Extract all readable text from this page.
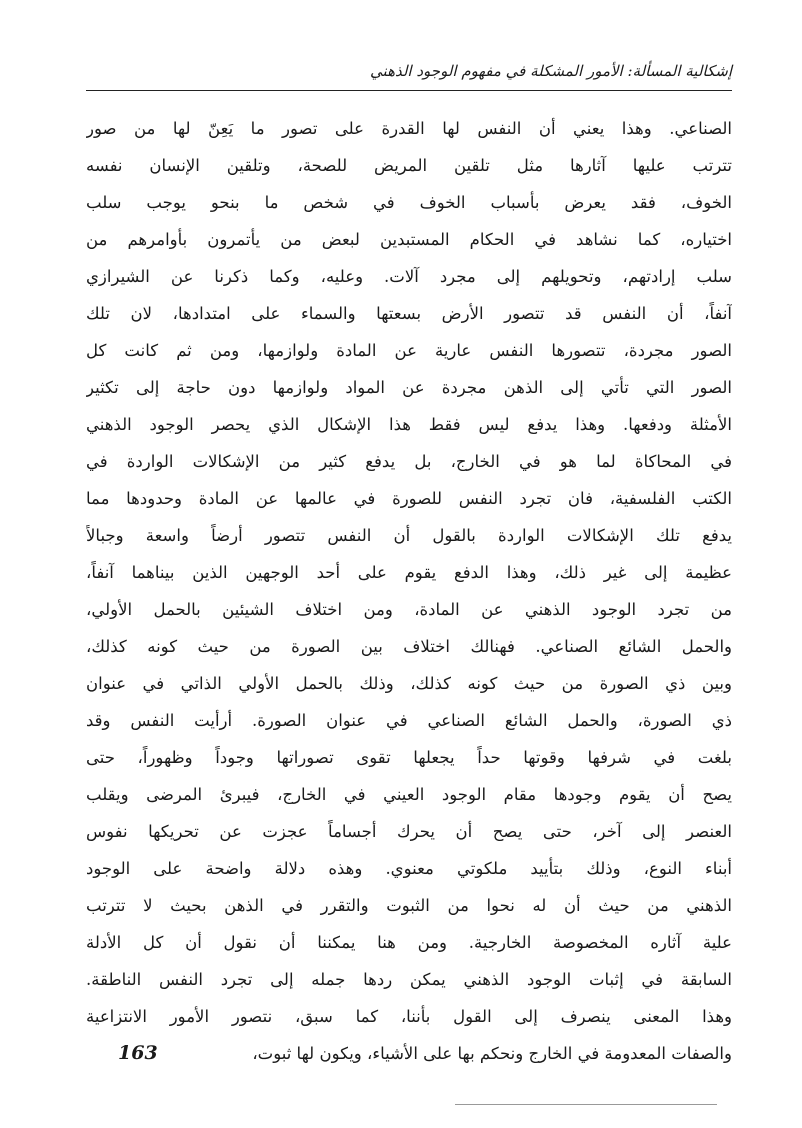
إشكالية المسألة: الأمور المشكلة في مفهوم الوجود الذهني
الصناعي. وهذا يعني أن النفس لها القدرة على تصور ما يَعِنّ لها من صور
تترتب عليها آثارها مثل تلقين المريض للصحة، وتلقين الإنسان نفسه
الخوف، فقد يعرض بأسباب الخوف في شخص ما بنحو يوجب سلب
اختياره، كما نشاهد في الحكام المستبدين لبعض من يأتمرون بأوامرهم من
سلب إرادتهم، وتحويلهم إلى مجرد آلات. وعليه، وكما ذكرنا عن الشيرازي
آنفاً، أن النفس قد تتصور الأرض بسعتها والسماء على امتدادها، لان تلك
الصور مجردة، تتصورها النفس عارية عن المادة ولوازمها، ومن ثم كانت كل
الصور التي تأتي إلى الذهن مجردة عن المواد ولوازمها دون حاجة إلى تكثير
الأمثلة ودفعها. وهذا يدفع ليس فقط هذا الإشكال الذي يحصر الوجود الذهني
في المحاكاة لما هو في الخارج، بل يدفع كثير من الإشكالات الواردة في
الكتب الفلسفية، فان تجرد النفس للصورة في عالمها عن المادة وحدودها مما
يدفع تلك الإشكالات الواردة بالقول أن النفس تتصور أرضاً واسعة وجبالاً
عظيمة إلى غير ذلك، وهذا الدفع يقوم على أحد الوجهين الذين بيناهما آنفاً،
من تجرد الوجود الذهني عن المادة، ومن اختلاف الشيئين بالحمل الأولي،
والحمل الشائع الصناعي. فهنالك اختلاف بين الصورة من حيث كونه كذلك،
وبين ذي الصورة من حيث كونه كذلك، وذلك بالحمل الأولي الذاتي في عنوان
ذي الصورة، والحمل الشائع الصناعي في عنوان الصورة. أرأيت النفس وقد
بلغت في شرفها وقوتها حداً يجعلها تقوى تصوراتها وجوداً وظهوراً، حتى
يصح أن يقوم وجودها مقام الوجود العيني في الخارج، فيبرئ المرضى ويقلب
العنصر إلى آخر، حتى يصح أن يحرك أجساماً عجزت عن تحريكها نفوس
أبناء النوع، وذلك بتأييد ملكوتي معنوي. وهذه دلالة واضحة على الوجود
الذهني من حيث أن له نحوا من الثبوت والتقرر في الذهن بحيث لا تترتب
علية آثاره المخصوصة الخارجية. ومن هنا يمكننا أن نقول أن كل الأدلة
السابقة في إثبات الوجود الذهني يمكن ردها جمله إلى تجرد النفس الناطقة.
وهذا المعنى ينصرف إلى القول بأننا، كما سبق، نتصور الأمور الانتزاعية
والصفات المعدومة في الخارج ونحكم بها على الأشياء، ويكون لها ثبوت،
163
